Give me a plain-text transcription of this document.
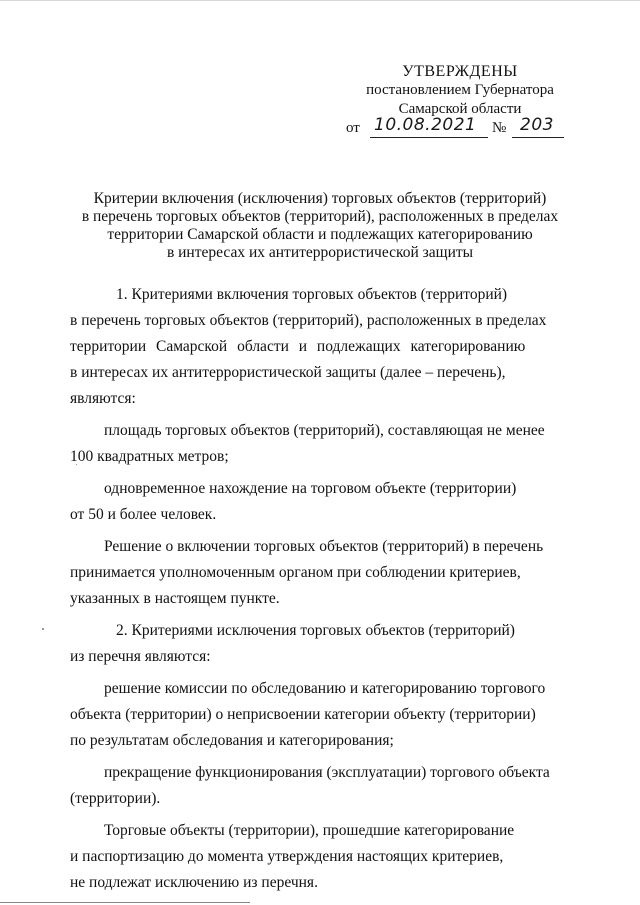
УТВЕРЖДЕНЫ
постановлением Губернатора
Самарской области
от 10.08.2021 № 203
Критерии включения (исключения) торговых объектов (территорий)
в перечень торговых объектов (территорий), расположенных в пределах
территории Самарской области и подлежащих категорированию
в интересах их антитеррористической защиты
1. Критериями включения торговых объектов (территорий)
в перечень торговых объектов (территорий), расположенных в пределах
территории Самарской области и подлежащих категорированию
в интересах их антитеррористической защиты (далее – перечень),
являются:
площадь торговых объектов (территорий), составляющая не менее
100 квадратных метров;
одновременное нахождение на торговом объекте (территории)
от 50 и более человек.
Решение о включении торговых объектов (территорий) в перечень
принимается уполномоченным органом при соблюдении критериев,
указанных в настоящем пункте.
2. Критериями исключения торговых объектов (территорий)
из перечня являются:
решение комиссии по обследованию и категорированию торгового
объекта (территории) о неприсвоении категории объекту (территории)
по результатам обследования и категорирования;
прекращение функционирования (эксплуатации) торгового объекта
(территории).
Торговые объекты (территории), прошедшие категорирование
и паспортизацию до момента утверждения настоящих критериев,
не подлежат исключению из перечня.
